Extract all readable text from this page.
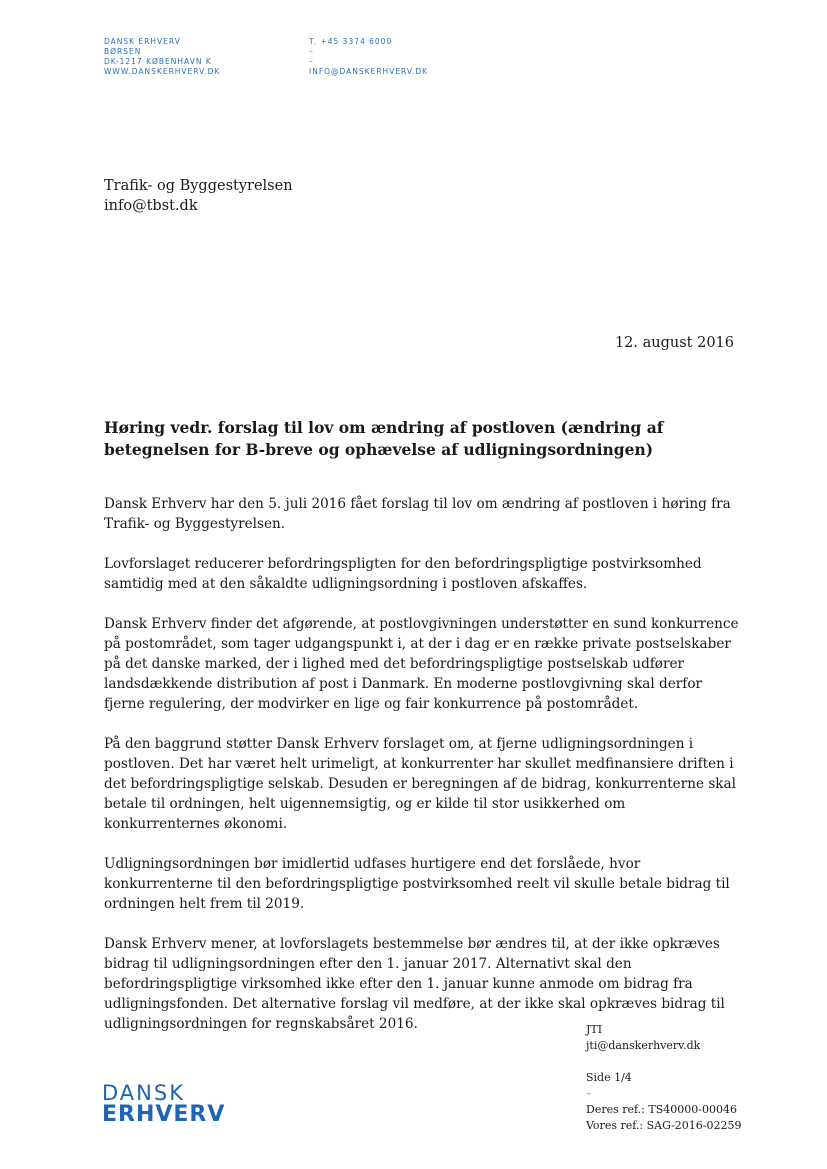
DANSK ERHVERV
BØRSEN
DK-1217 KØBENHAVN K
WWW.DANSKERHVERV.DK
T. +45 3374 6000
–
–
INFO@DANSKERHVERV.DK
Trafik- og Byggestyrelsen
info@tbst.dk
12. august 2016
Høring vedr. forslag til lov om ændring af postloven (ændring af betegnelsen for B-breve og ophævelse af udligningsordningen)

Dansk Erhverv har den 5. juli 2016 fået forslag til lov om ændring af postloven i høring fra Trafik- og Byggestyrelsen.

Lovforslaget reducerer befordringspligten for den befordringspligtige postvirksomhed samtidig med at den såkaldte udligningsordning i postloven afskaffes.

Dansk Erhverv finder det afgørende, at postlovgivningen understøtter en sund konkurrence på postområdet, som tager udgangspunkt i, at der i dag er en række private postselskaber på det danske marked, der i lighed med det befordringspligtige postselskab udfører landsdækkende distribution af post i Danmark. En moderne postlovgivning skal derfor fjerne regulering, der modvirker en lige og fair konkurrence på postområdet.

På den baggrund støtter Dansk Erhverv forslaget om, at fjerne udligningsordningen i postloven. Det har været helt urimeligt, at konkurrenter har skullet medfinansiere driften i det befordringspligtige selskab. Desuden er beregningen af de bidrag, konkurrenterne skal betale til ordningen, helt uigennemsigtig, og er kilde til stor usikkerhed om konkurrenternes økonomi.

Udligningsordningen bør imidlertid udfases hurtigere end det forslåede, hvor konkurrenterne til den befordringspligtige postvirksomhed reelt vil skulle betale bidrag til ordningen helt frem til 2019.

Dansk Erhverv mener, at lovforslagets bestemmelse bør ændres til, at der ikke opkræves bidrag til udligningsordningen efter den 1. januar 2017. Alternativt skal den befordringspligtige virksomhed ikke efter den 1. januar kunne anmode om bidrag fra udligningsfonden. Det alternative forslag vil medføre, at der ikke skal opkræves bidrag til udligningsordningen for regnskabsåret 2016.	JTI
jti@danskerhverv.dk
Side 1/4
–
Deres ref.: TS40000-00046
Vores ref.: SAG-2016-02259
DANSK
ERHVERV
